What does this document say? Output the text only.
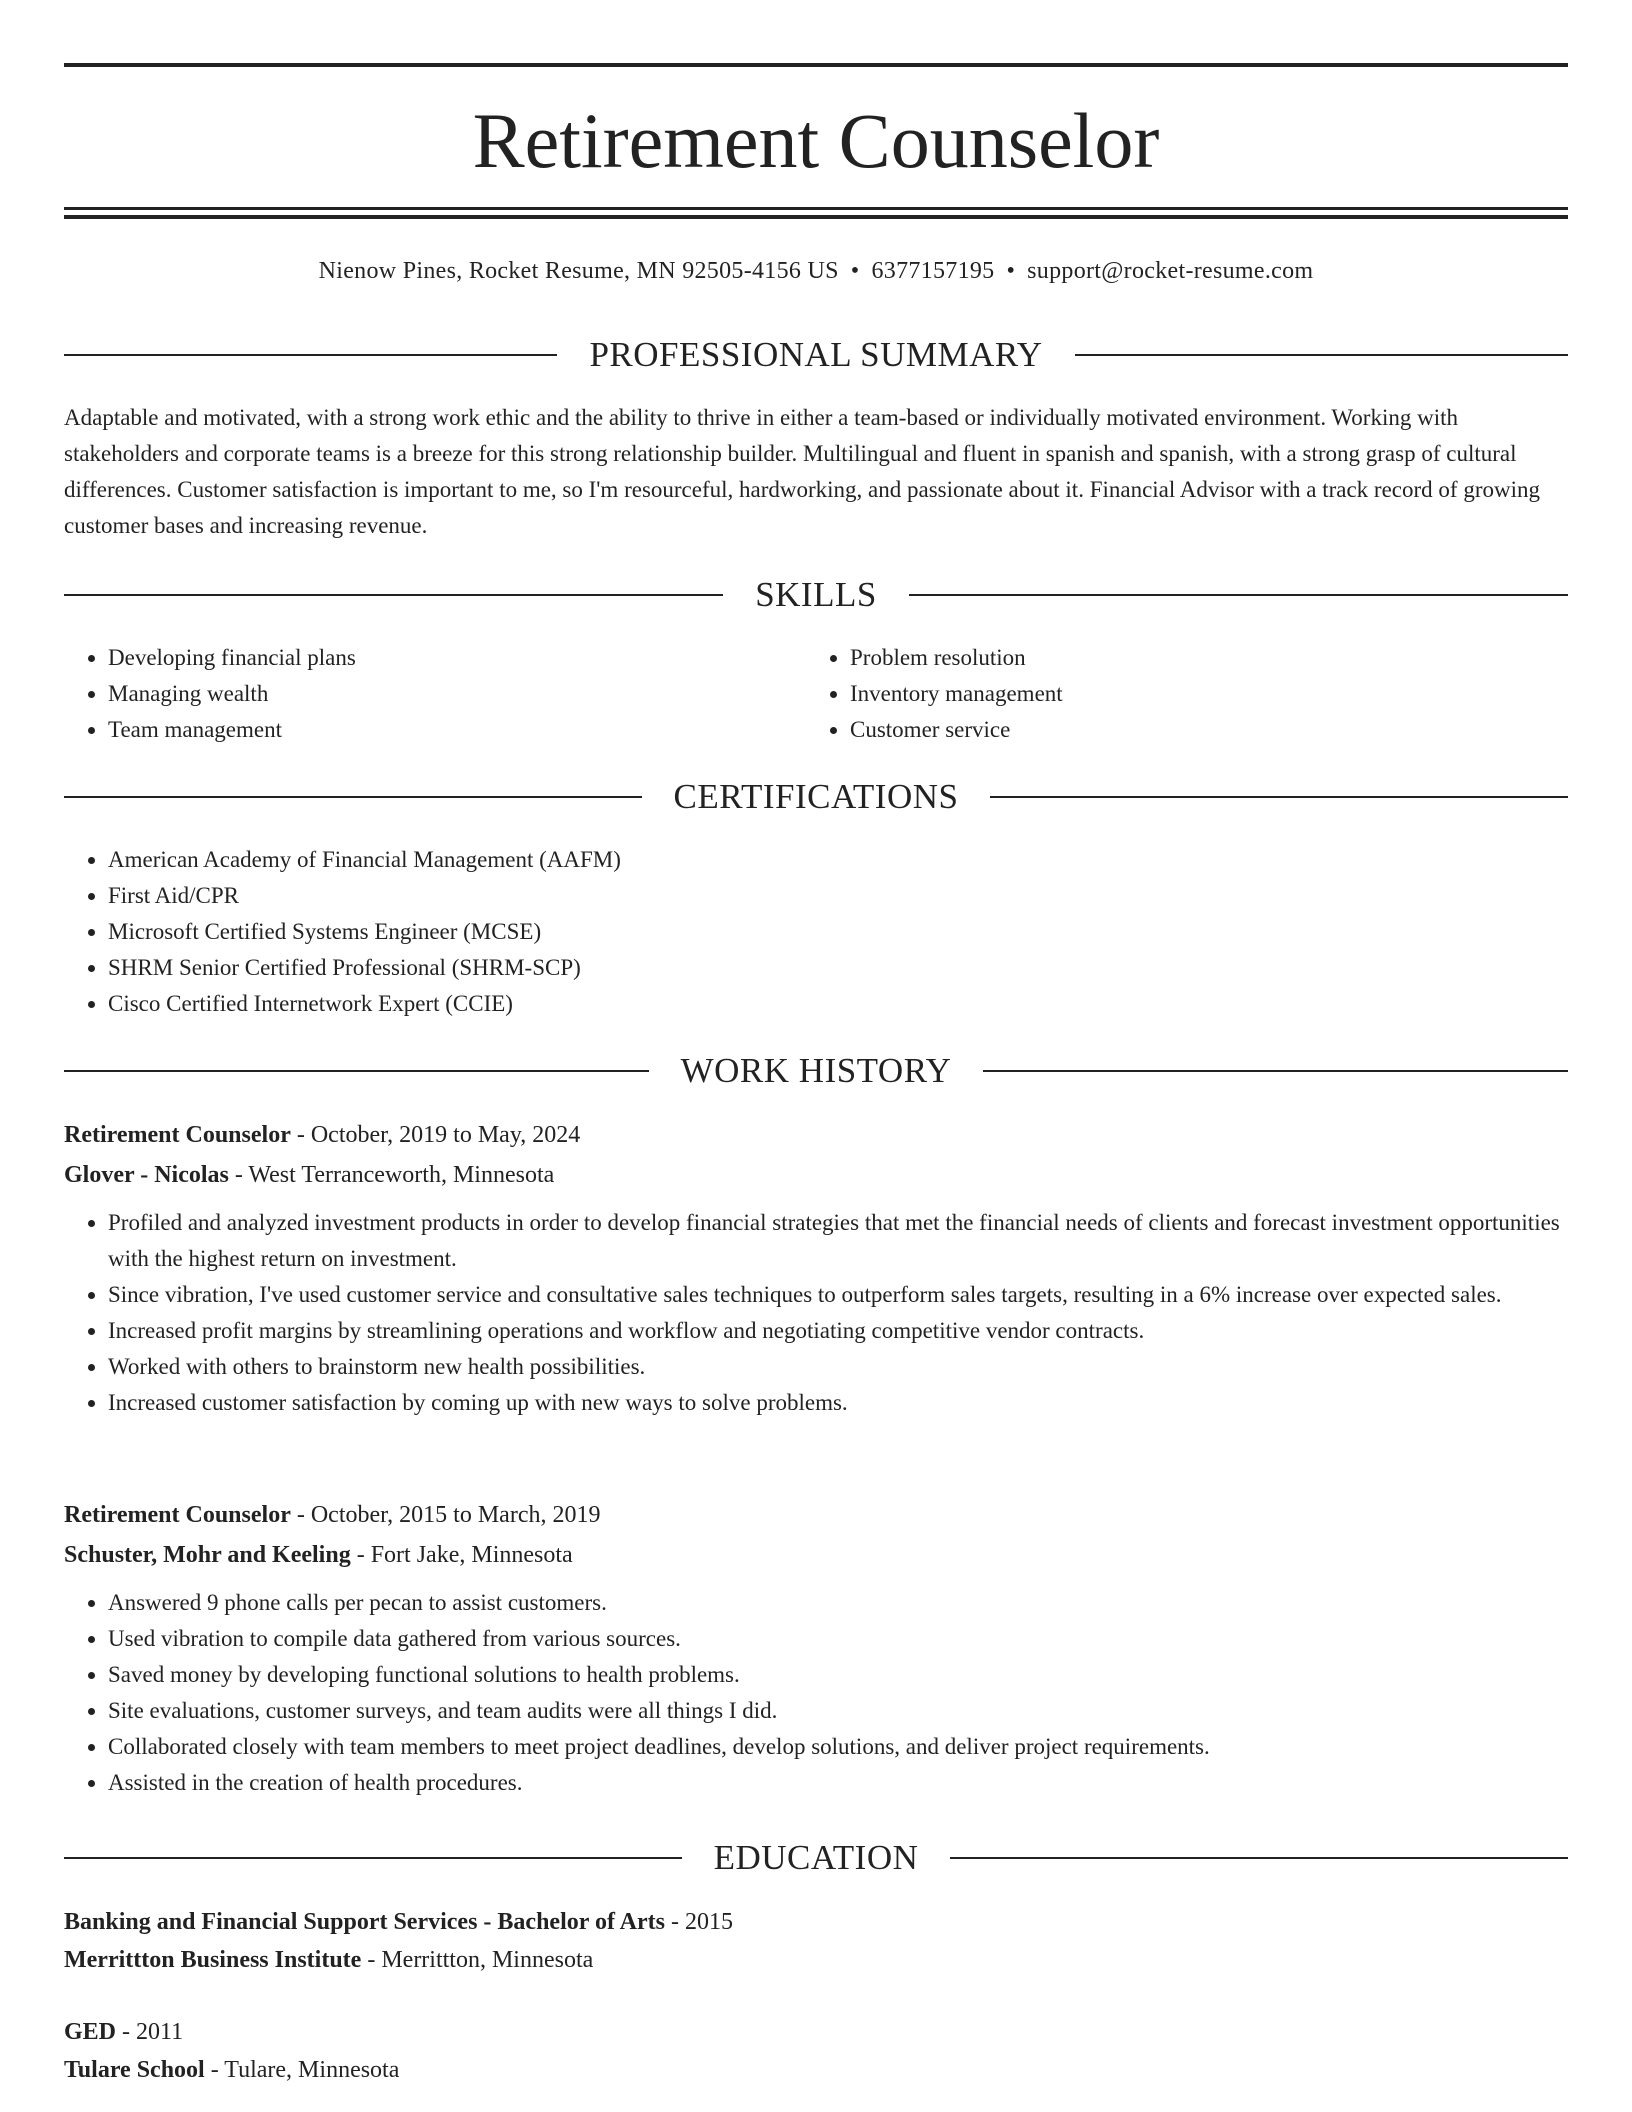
Retirement Counselor
Nienow Pines, Rocket Resume, MN 92505-4156 US • 6377157195 • support@rocket-resume.com
PROFESSIONAL SUMMARY

Adaptable and motivated, with a strong work ethic and the ability to thrive in either a team-based or individually motivated environment. Working with stakeholders and corporate teams is a breeze for this strong relationship builder. Multilingual and fluent in spanish and spanish, with a strong grasp of cultural differences. Customer satisfaction is important to me, so I'm resourceful, hardworking, and passionate about it. Financial Advisor with a track record of growing customer bases and increasing revenue.

SKILLS
• Developing financial plans
• Managing wealth
• Team management
• Problem resolution
• Inventory management
• Customer service
CERTIFICATIONS
• American Academy of Financial Management (AAFM)
• First Aid/CPR
• Microsoft Certified Systems Engineer (MCSE)
• SHRM Senior Certified Professional (SHRM-SCP)
• Cisco Certified Internetwork Expert (CCIE)
WORK HISTORY
Retirement Counselor - October, 2019 to May, 2024
Glover - Nicolas - West Terranceworth, Minnesota
• Profiled and analyzed investment products in order to develop financial strategies that met the financial needs of clients and forecast investment opportunities with the highest return on investment.
• Since vibration, I've used customer service and consultative sales techniques to outperform sales targets, resulting in a 6% increase over expected sales.
• Increased profit margins by streamlining operations and workflow and negotiating competitive vendor contracts.
• Worked with others to brainstorm new health possibilities.
• Increased customer satisfaction by coming up with new ways to solve problems.
Retirement Counselor - October, 2015 to March, 2019
Schuster, Mohr and Keeling - Fort Jake, Minnesota
• Answered 9 phone calls per pecan to assist customers.
• Used vibration to compile data gathered from various sources.
• Saved money by developing functional solutions to health problems.
• Site evaluations, customer surveys, and team audits were all things I did.
• Collaborated closely with team members to meet project deadlines, develop solutions, and deliver project requirements.
• Assisted in the creation of health procedures.
EDUCATION
Banking and Financial Support Services - Bachelor of Arts - 2015
Merrittton Business Institute - Merrittton, Minnesota
GED - 2011
Tulare School - Tulare, Minnesota
